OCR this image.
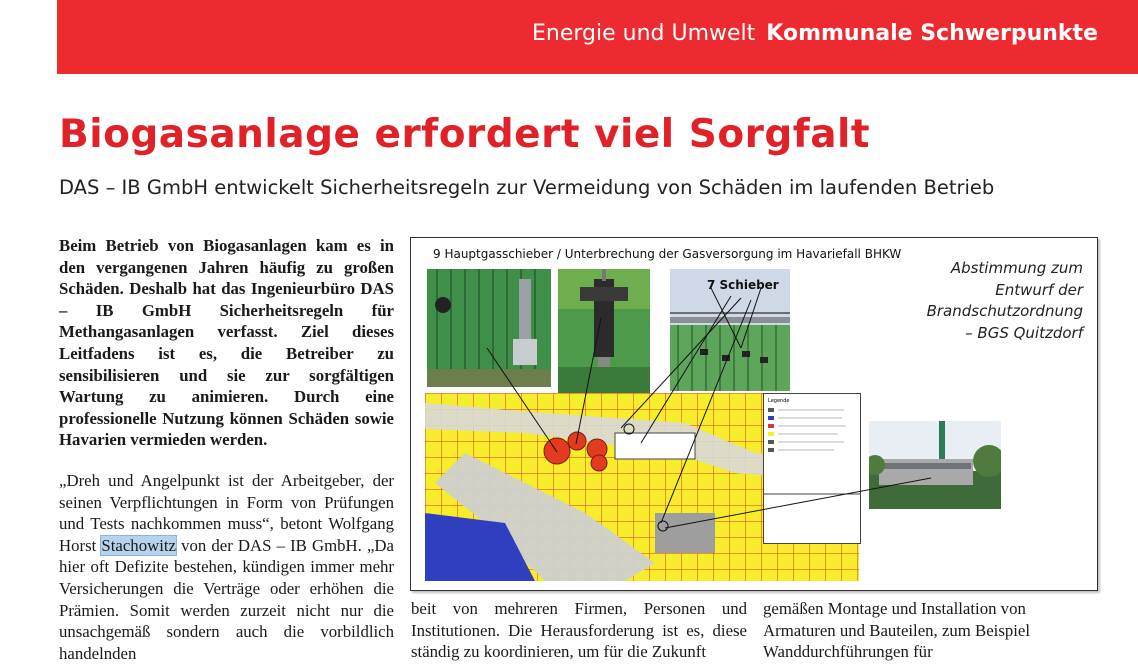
Energie und Umwelt Kommunale Schwerpunkte
Biogasanlage erfordert viel Sorgfalt

DAS – IB GmbH entwickelt Sicherheitsregeln zur Vermeidung von Schäden im laufenden Betrieb

Beim Betrieb von Biogasanlagen kam es in den vergangenen Jahren häufig zu großen Schäden. Deshalb hat das Ingenieurbüro DAS – IB GmbH Sicherheitsregeln für Methangasanlagen verfasst. Ziel dieses Leitfadens ist es, die Betreiber zu sensibilisieren und sie zur sorgfältigen Wartung zu animieren. Durch eine professionelle Nutzung können Schäden sowie Havarien vermieden werden.

„Dreh und Angelpunkt ist der Arbeitgeber, der seinen Verpflichtungen in Form von Prüfungen und Tests nachkommen muss“, betont Wolfgang Horst Stachowitz von der DAS – IB GmbH. „Da hier oft Defizite bestehen, kündigen immer mehr Versicherungen die Verträge oder erhöhen die Prämien. Somit werden zurzeit nicht nur die unsachgemäß sondern auch die vorbildlich handelnden

beit von mehreren Firmen, Personen und Institutionen. Die Herausforderung ist es, diese ständig zu koordinieren, um für die Zukunft

gemäßen Montage und Installation von Armaturen und Bauteilen, zum Beispiel Wanddurchführungen für

9 Hauptgasschieber / Unterbrechung der Gasversorgung im Havariefall BHKW
7 Schieber
Legende
Abstimmung zum Entwurf der Brandschutzordnung – BGS Quitzdorf
